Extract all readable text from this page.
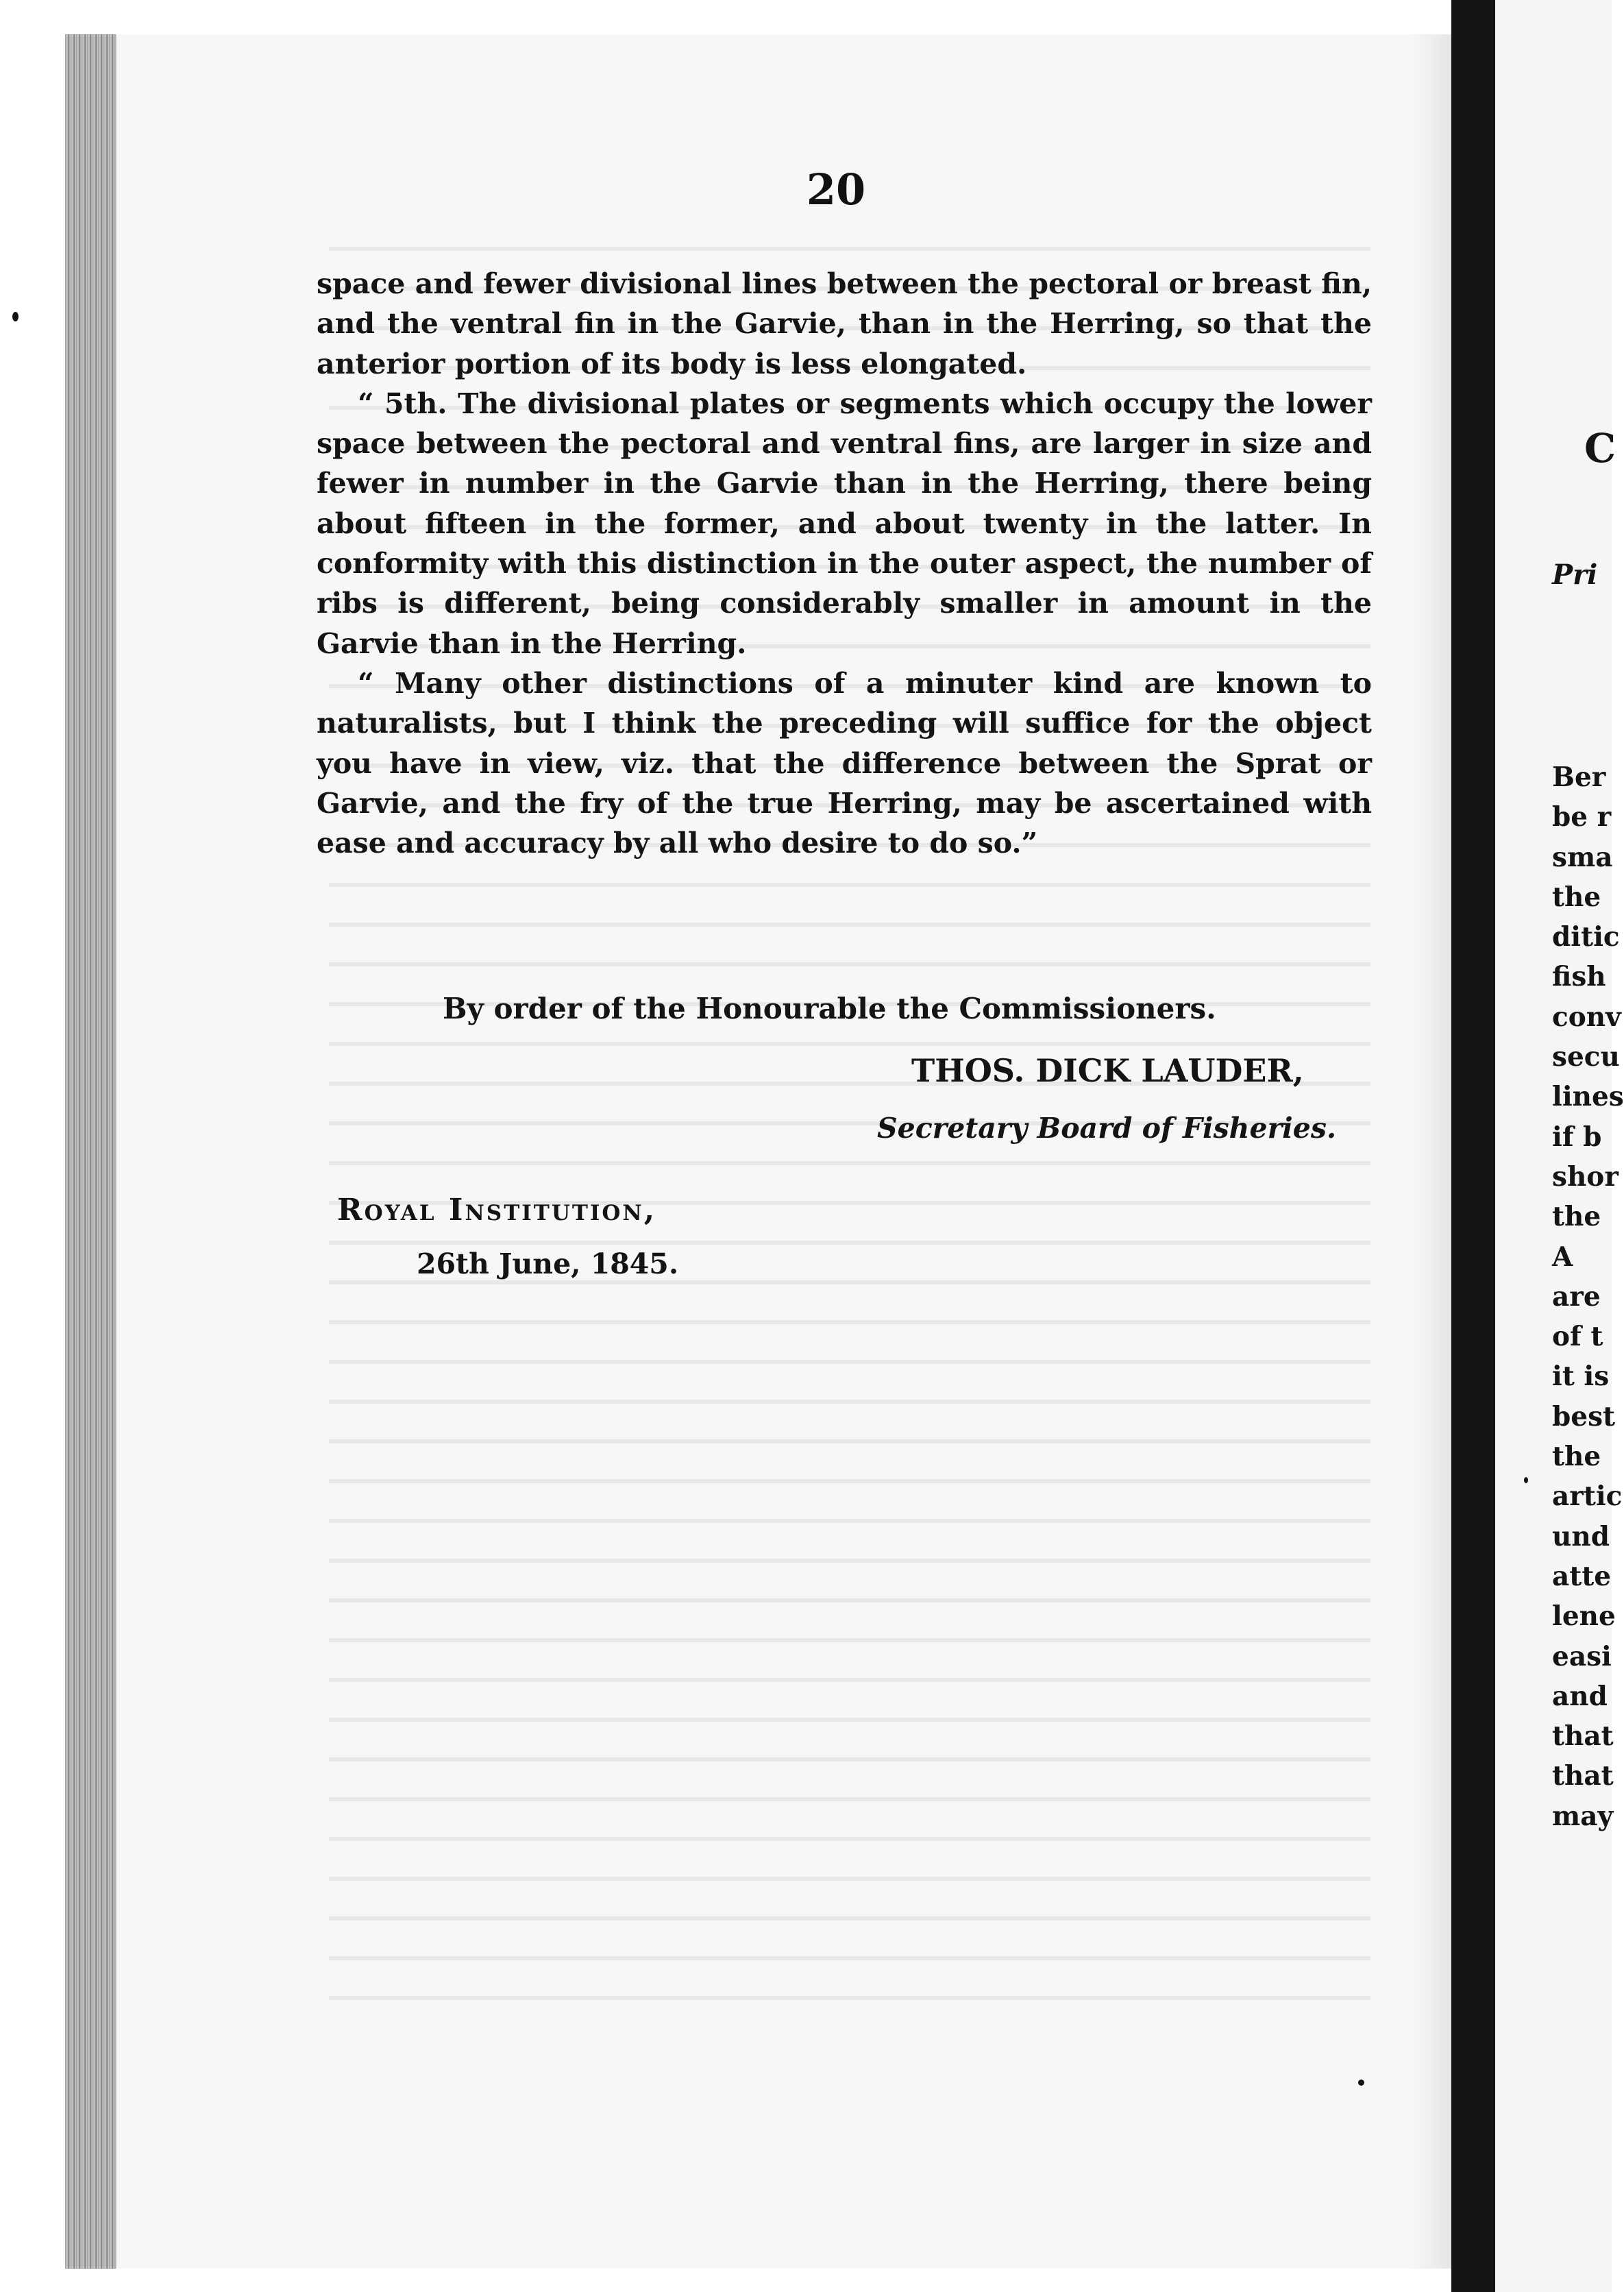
20

space and fewer divisional lines between the pectoral or breast fin, and the ventral fin in the Garvie, than in the Herring, so that the anterior portion of its body is less elongated.

“ 5th. The divisional plates or segments which occupy the lower space between the pectoral and ventral fins, are larger in size and fewer in number in the Garvie than in the Herring, there being about fifteen in the former, and about twenty in the latter. In conformity with this distinction in the outer aspect, the number of ribs is different, being considerably smaller in amount in the Garvie than in the Herring.

“ Many other distinctions of a minuter kind are known to naturalists, but I think the preceding will suffice for the object you have in view, viz. that the difference between the Sprat or Garvie, and the fry of the true Herring, may be ascertained with ease and accuracy by all who desire to do so.”

By order of the Honourable the Commissioners.
THOS. DICK LAUDER,
Secretary Board of Fisheries.
Royal Institution,
26th June, 1845.
C
Pri
Ber
be r
sma
the
ditic
fish
conv
secu
lines
if b
shor
the
A
are
of t
it is
best
the
artic
und
atte
lene
easi
and
that
that
may
